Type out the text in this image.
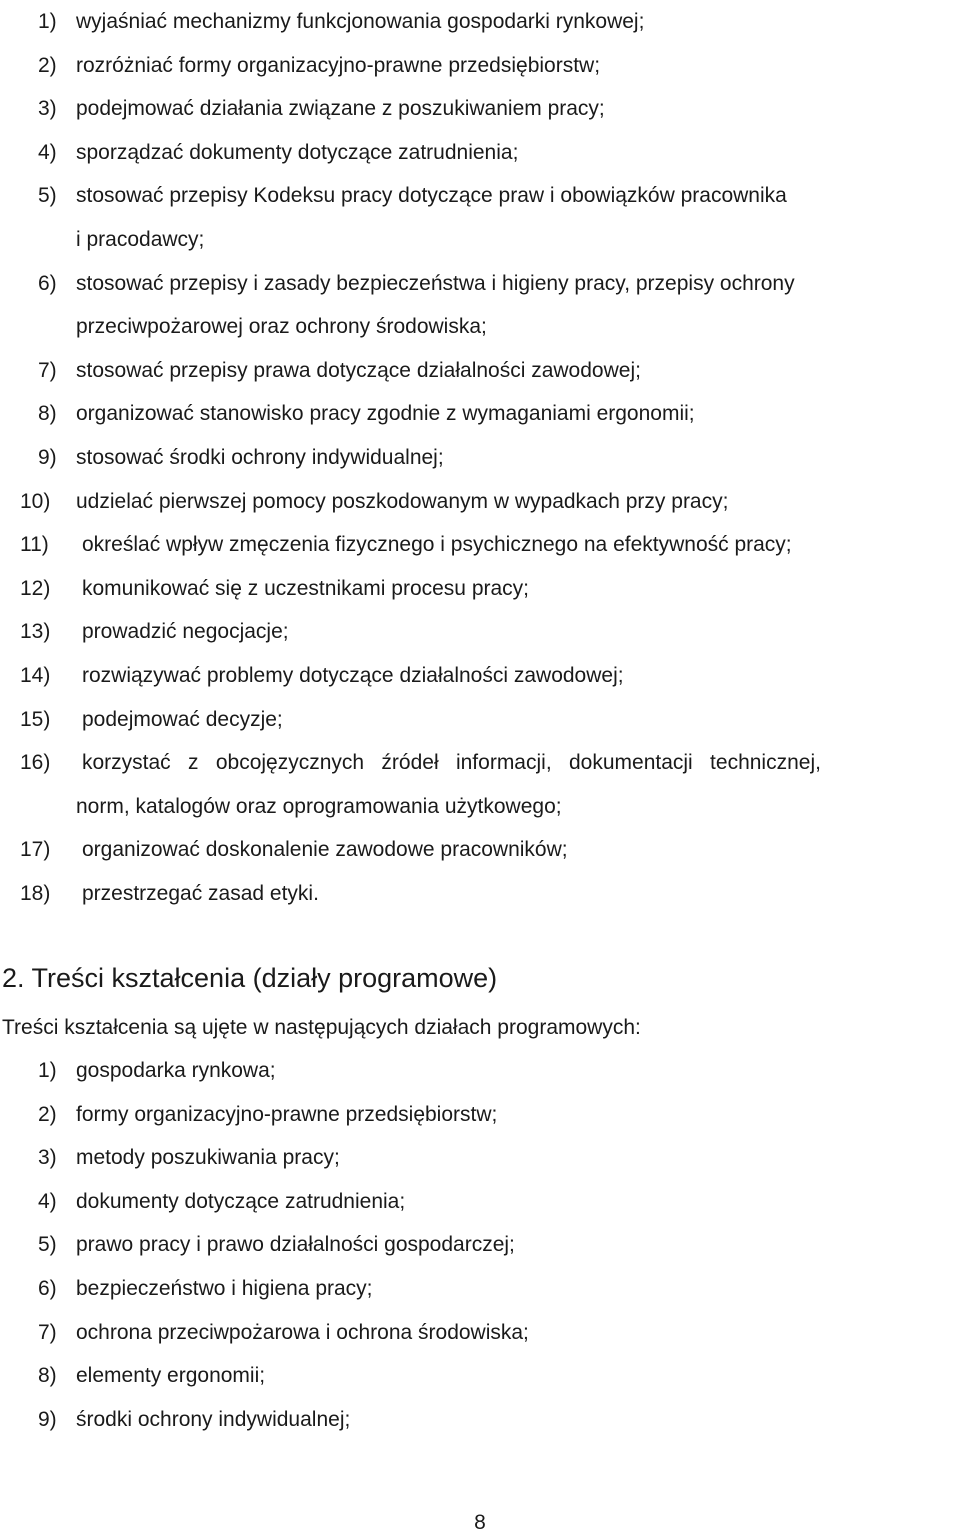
1) wyjaśniać mechanizmy funkcjonowania gospodarki rynkowej;
2) rozróżniać formy organizacyjno-prawne przedsiębiorstw;
3) podejmować działania związane z poszukiwaniem pracy;
4) sporządzać dokumenty dotyczące zatrudnienia;
5) stosować przepisy Kodeksu pracy dotyczące praw i obowiązków pracownika
i pracodawcy;
6) stosować przepisy i zasady bezpieczeństwa i higieny pracy, przepisy ochrony
przeciwpożarowej oraz ochrony środowiska;
7) stosować przepisy prawa dotyczące działalności zawodowej;
8) organizować stanowisko pracy zgodnie z wymaganiami ergonomii;
9) stosować środki ochrony indywidualnej;
10) udzielać pierwszej pomocy poszkodowanym w wypadkach przy pracy;
11) określać wpływ zmęczenia fizycznego i psychicznego na efektywność pracy;
12) komunikować się z uczestnikami procesu pracy;
13) prowadzić negocjacje;
14) rozwiązywać problemy dotyczące działalności zawodowej;
15) podejmować decyzje;
16) korzystać z obcojęzycznych źródeł informacji, dokumentacji technicznej,
norm, katalogów oraz oprogramowania użytkowego;
17) organizować doskonalenie zawodowe pracowników;
18) przestrzegać zasad etyki.
2. Treści kształcenia (działy programowe)

Treści kształcenia są ujęte w następujących działach programowych:

1) gospodarka rynkowa;
2) formy organizacyjno-prawne przedsiębiorstw;
3) metody poszukiwania pracy;
4) dokumenty dotyczące zatrudnienia;
5) prawo pracy i prawo działalności gospodarczej;
6) bezpieczeństwo i higiena pracy;
7) ochrona przeciwpożarowa i ochrona środowiska;
8) elementy ergonomii;
9) środki ochrony indywidualnej;
8
